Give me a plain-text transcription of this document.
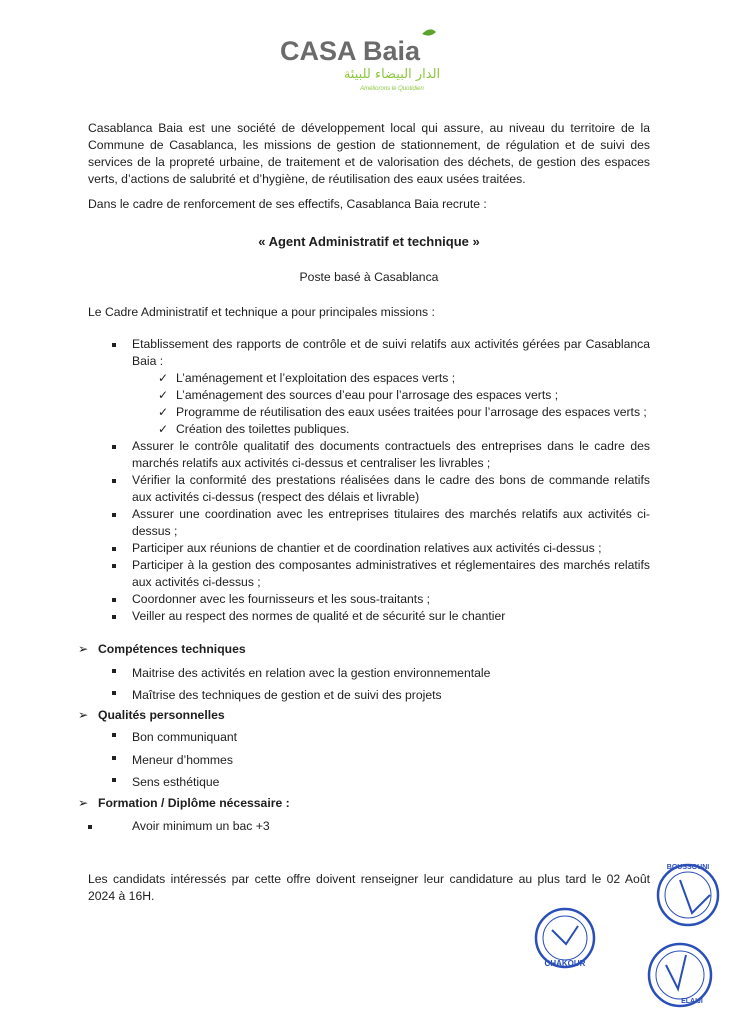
CASA Baia
الدار البيضاء للبيئة
Améliorons le Quotidien
Casablanca Baia est une société de développement local qui assure, au niveau du territoire de la Commune de Casablanca, les missions de gestion de stationnement, de régulation et de suivi des services de la propreté urbaine, de traitement et de valorisation des déchets, de gestion des espaces verts, d’actions de salubrité et d’hygiène, de réutilisation des eaux usées traitées.
Dans le cadre de renforcement de ses effectifs, Casablanca Baia recrute :
« Agent Administratif et technique »
Poste basé à Casablanca
Le Cadre Administratif et technique a pour principales missions :
Etablissement des rapports de contrôle et de suivi relatifs aux activités gérées par Casablanca Baia :
✓ L’aménagement et l’exploitation des espaces verts ;
✓ L’aménagement des sources d’eau pour l’arrosage des espaces verts ;
✓ Programme de réutilisation des eaux usées traitées pour l’arrosage des espaces verts ;
✓ Création des toilettes publiques.
Assurer le contrôle qualitatif des documents contractuels des entreprises dans le cadre des marchés relatifs aux activités ci-dessus et centraliser les livrables ;
Vérifier la conformité des prestations réalisées dans le cadre des bons de commande relatifs aux activités ci-dessus (respect des délais et livrable)
Assurer une coordination avec les entreprises titulaires des marchés relatifs aux activités ci-dessus ;
Participer aux réunions de chantier et de coordination relatives aux activités ci-dessus ;
Participer à la gestion des composantes administratives et réglementaires des marchés relatifs aux activités ci-dessus ;
Coordonner avec les fournisseurs et les sous-traitants ;
Veiller au respect des normes de qualité et de sécurité sur le chantier
➢ Compétences techniques
Maitrise des activités en relation avec la gestion environnementale
Maîtrise des techniques de gestion et de suivi des projets
➢ Qualités personnelles
Bon communiquant
Meneur d’hommes
Sens esthétique
➢ Formation / Diplôme nécessaire :
Avoir minimum un bac +3
Les candidats intéressés par cette offre doivent renseigner leur candidature au plus tard le 02 Août 2024 à 16H.
CHAKOUR
BOUSSOUNI
ELAIJI
